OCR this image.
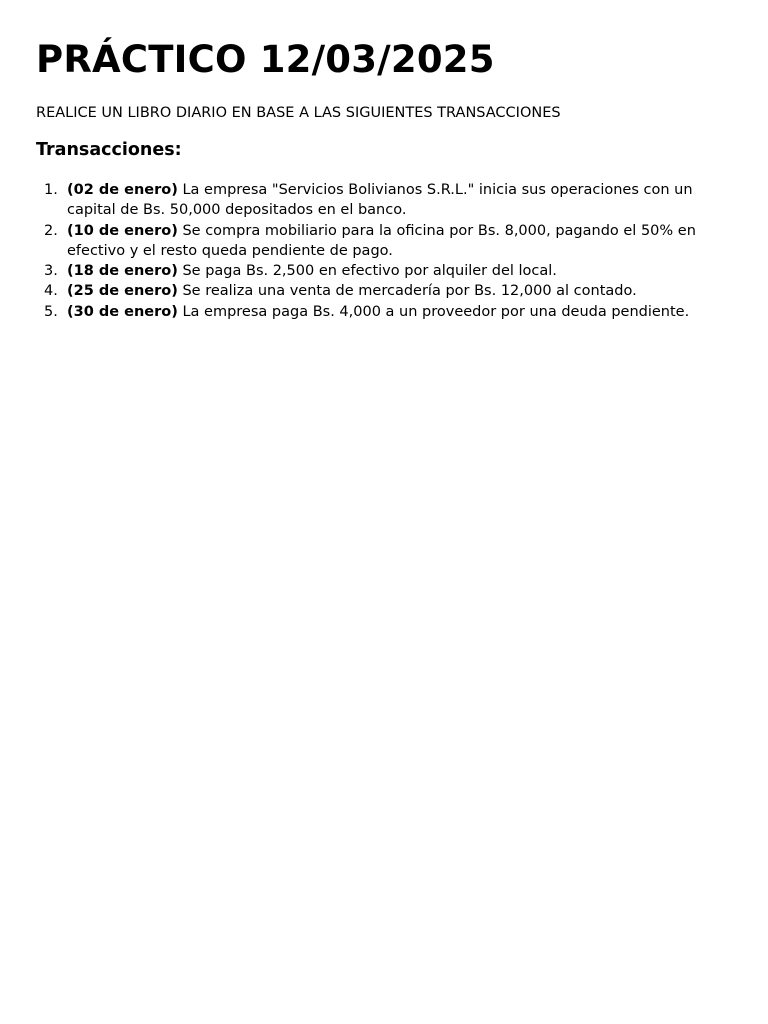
PRÁCTICO 12/03/2025

REALICE UN LIBRO DIARIO EN BASE A LAS SIGUIENTES TRANSACCIONES

Transacciones:
1. (02 de enero) La empresa "Servicios Bolivianos S.R.L." inicia sus operaciones con un capital de Bs. 50,000 depositados en el banco.
2. (10 de enero) Se compra mobiliario para la oficina por Bs. 8,000, pagando el 50% en efectivo y el resto queda pendiente de pago.
3. (18 de enero) Se paga Bs. 2,500 en efectivo por alquiler del local.
4. (25 de enero) Se realiza una venta de mercadería por Bs. 12,000 al contado.
5. (30 de enero) La empresa paga Bs. 4,000 a un proveedor por una deuda pendiente.
